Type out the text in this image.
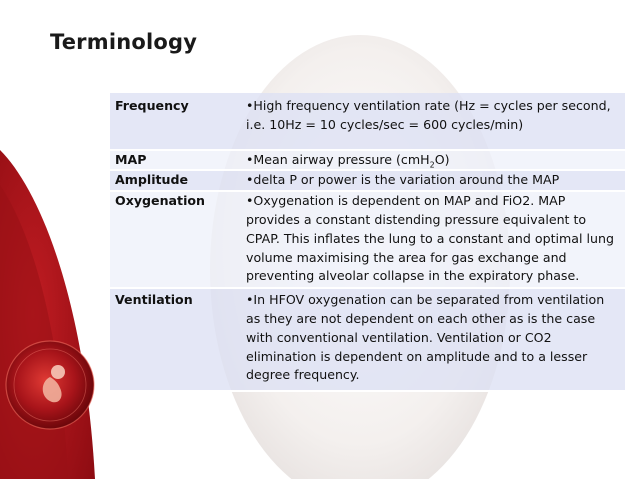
Terminology
Frequency	•High frequency ventilation rate (Hz = cycles per second, i.e. 10Hz = 10 cycles/sec = 600 cycles/min)
MAP	•Mean airway pressure (cmH$_2$O)
Amplitude	•delta P or power is the variation around the MAP
Oxygenation	•Oxygenation is dependent on MAP and FiO2. MAP provides a constant distending pressure equivalent to CPAP. This inflates the lung to a constant and optimal lung volume maximising the area for gas exchange and preventing alveolar collapse in the expiratory phase.
Ventilation	•In HFOV oxygenation can be separated from ventilation as they are not dependent on each other as is the case with conventional ventilation. Ventilation or CO2 elimination is dependent on amplitude and to a lesser degree frequency.
